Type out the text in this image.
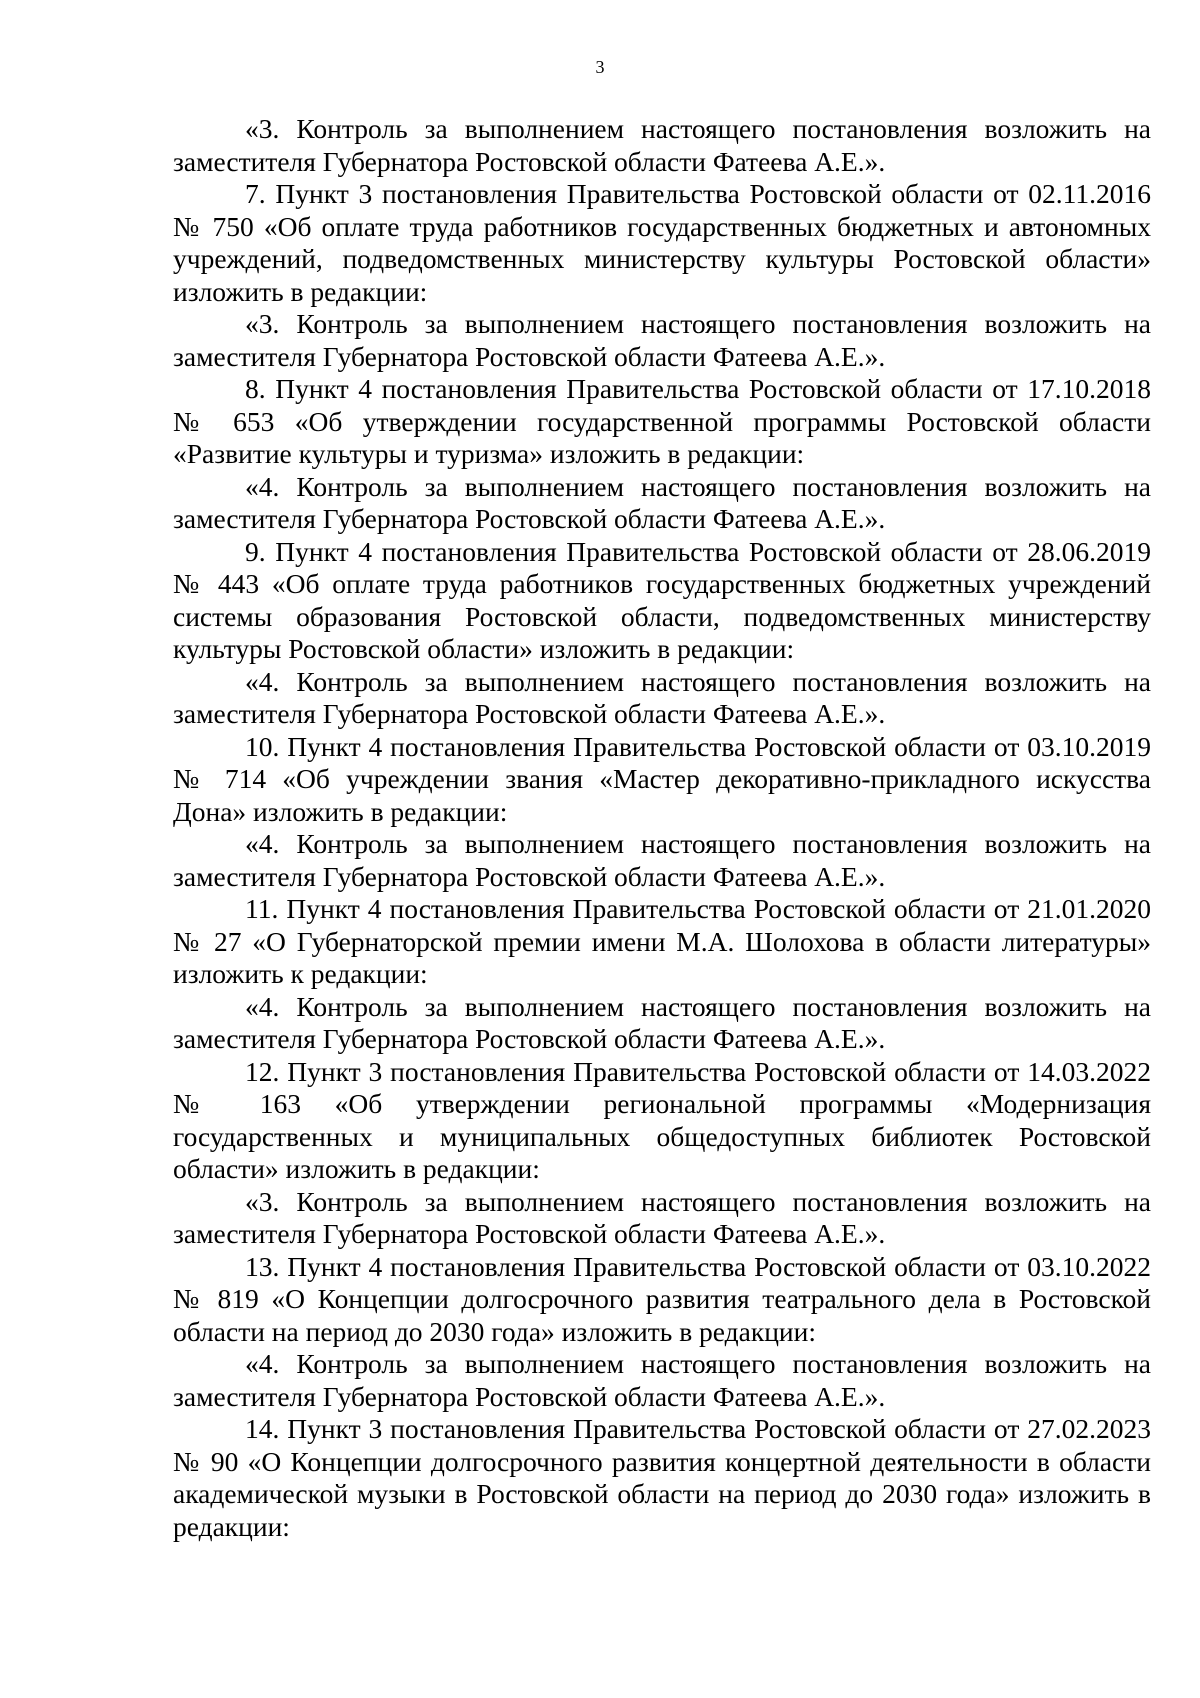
3

«3. Контроль за выполнением настоящего постановления возложить на заместителя Губернатора Ростовской области Фатеева А.Е.».

7. Пункт 3 постановления Правительства Ростовской области от 02.11.2016 № 750 «Об оплате труда работников государственных бюджетных и автономных учреждений, подведомственных министерству культуры Ростовской области» изложить в редакции:

«3. Контроль за выполнением настоящего постановления возложить на заместителя Губернатора Ростовской области Фатеева А.Е.».

8. Пункт 4 постановления Правительства Ростовской области от 17.10.2018 № 653 «Об утверждении государственной программы Ростовской области «Развитие культуры и туризма» изложить в редакции:

«4. Контроль за выполнением настоящего постановления возложить на заместителя Губернатора Ростовской области Фатеева А.Е.».

9. Пункт 4 постановления Правительства Ростовской области от 28.06.2019 № 443 «Об оплате труда работников государственных бюджетных учреждений системы образования Ростовской области, подведомственных министерству культуры Ростовской области» изложить в редакции:

«4. Контроль за выполнением настоящего постановления возложить на заместителя Губернатора Ростовской области Фатеева А.Е.».

10. Пункт 4 постановления Правительства Ростовской области от 03.10.2019 № 714 «Об учреждении звания «Мастер декоративно-прикладного искусства Дона» изложить в редакции:

«4. Контроль за выполнением настоящего постановления возложить на заместителя Губернатора Ростовской области Фатеева А.Е.».

11. Пункт 4 постановления Правительства Ростовской области от 21.01.2020 № 27 «О Губернаторской премии имени М.А. Шолохова в области литературы» изложить к редакции:

«4. Контроль за выполнением настоящего постановления возложить на заместителя Губернатора Ростовской области Фатеева А.Е.».

12. Пункт 3 постановления Правительства Ростовской области от 14.03.2022 № 163 «Об утверждении региональной программы «Модернизация государственных и муниципальных общедоступных библиотек Ростовской области» изложить в редакции:

«3. Контроль за выполнением настоящего постановления возложить на заместителя Губернатора Ростовской области Фатеева А.Е.».

13. Пункт 4 постановления Правительства Ростовской области от 03.10.2022 № 819 «О Концепции долгосрочного развития театрального дела в Ростовской области на период до 2030 года» изложить в редакции:

«4. Контроль за выполнением настоящего постановления возложить на заместителя Губернатора Ростовской области Фатеева А.Е.».

14. Пункт 3 постановления Правительства Ростовской области от 27.02.2023 № 90 «О Концепции долгосрочного развития концертной деятельности в области академической музыки в Ростовской области на период до 2030 года» изложить в редакции:
